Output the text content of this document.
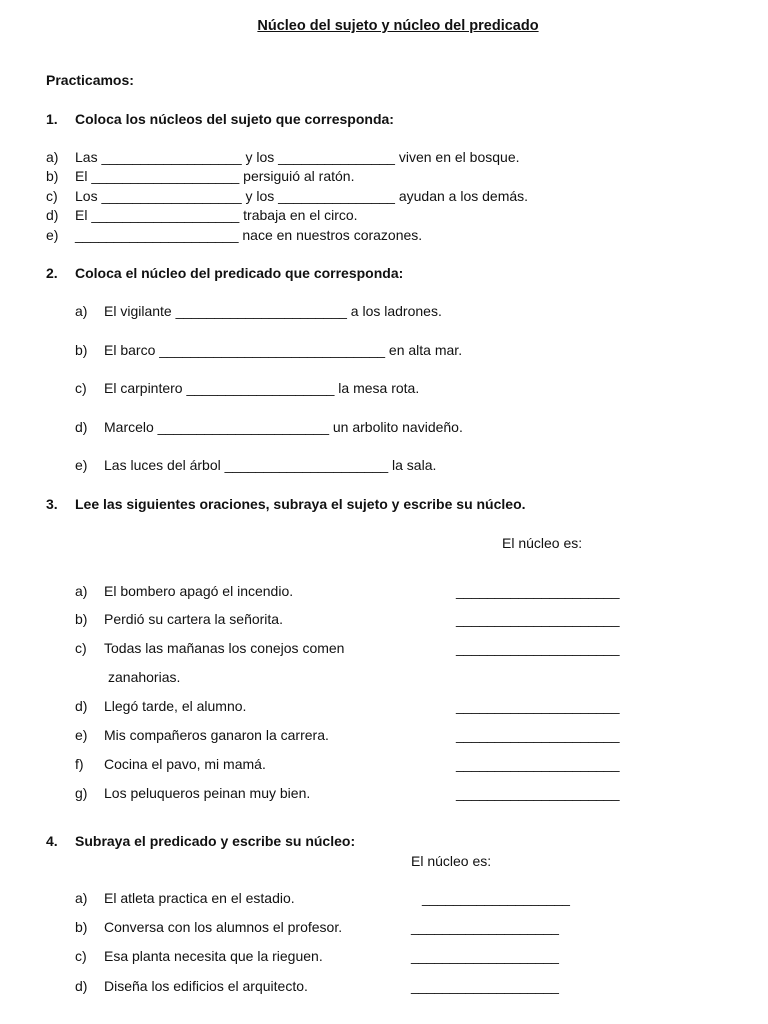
Núcleo del sujeto y núcleo del predicado
Practicamos:
1. Coloca los núcleos del sujeto que corresponda:
a) Las __________________ y los _______________ viven en el bosque.
b) El ___________________ persiguió al ratón.
c) Los __________________ y los _______________ ayudan a los demás.
d) El ___________________ trabaja en el circo.
e) _____________________ nace en nuestros corazones.
2. Coloca el núcleo del predicado que corresponda:
a) El vigilante ______________________ a los ladrones.
b) El barco _____________________________ en alta mar.
c) El carpintero ___________________ la mesa rota.
d) Marcelo ______________________ un arbolito navideño.
e) Las luces del árbol _____________________ la sala.
3. Lee las siguientes oraciones, subraya el sujeto y escribe su núcleo.
El núcleo es:
a) El bombero apagó el incendio.	_____________________
b) Perdió su cartera la señorita.	_____________________
c) Todas las mañanas los conejos comen	_____________________
zanahorias.
d) Llegó tarde, el alumno.	_____________________
e) Mis compañeros ganaron la carrera.	_____________________
f) Cocina el pavo, mi mamá.	_____________________
g) Los peluqueros peinan muy bien.	_____________________
4. Subraya el predicado y escribe su núcleo:
El núcleo es:
a) El atleta practica en el estadio.	___________________
b) Conversa con los alumnos el profesor.	___________________
c) Esa planta necesita que la rieguen.	___________________
d) Diseña los edificios el arquitecto.	___________________
